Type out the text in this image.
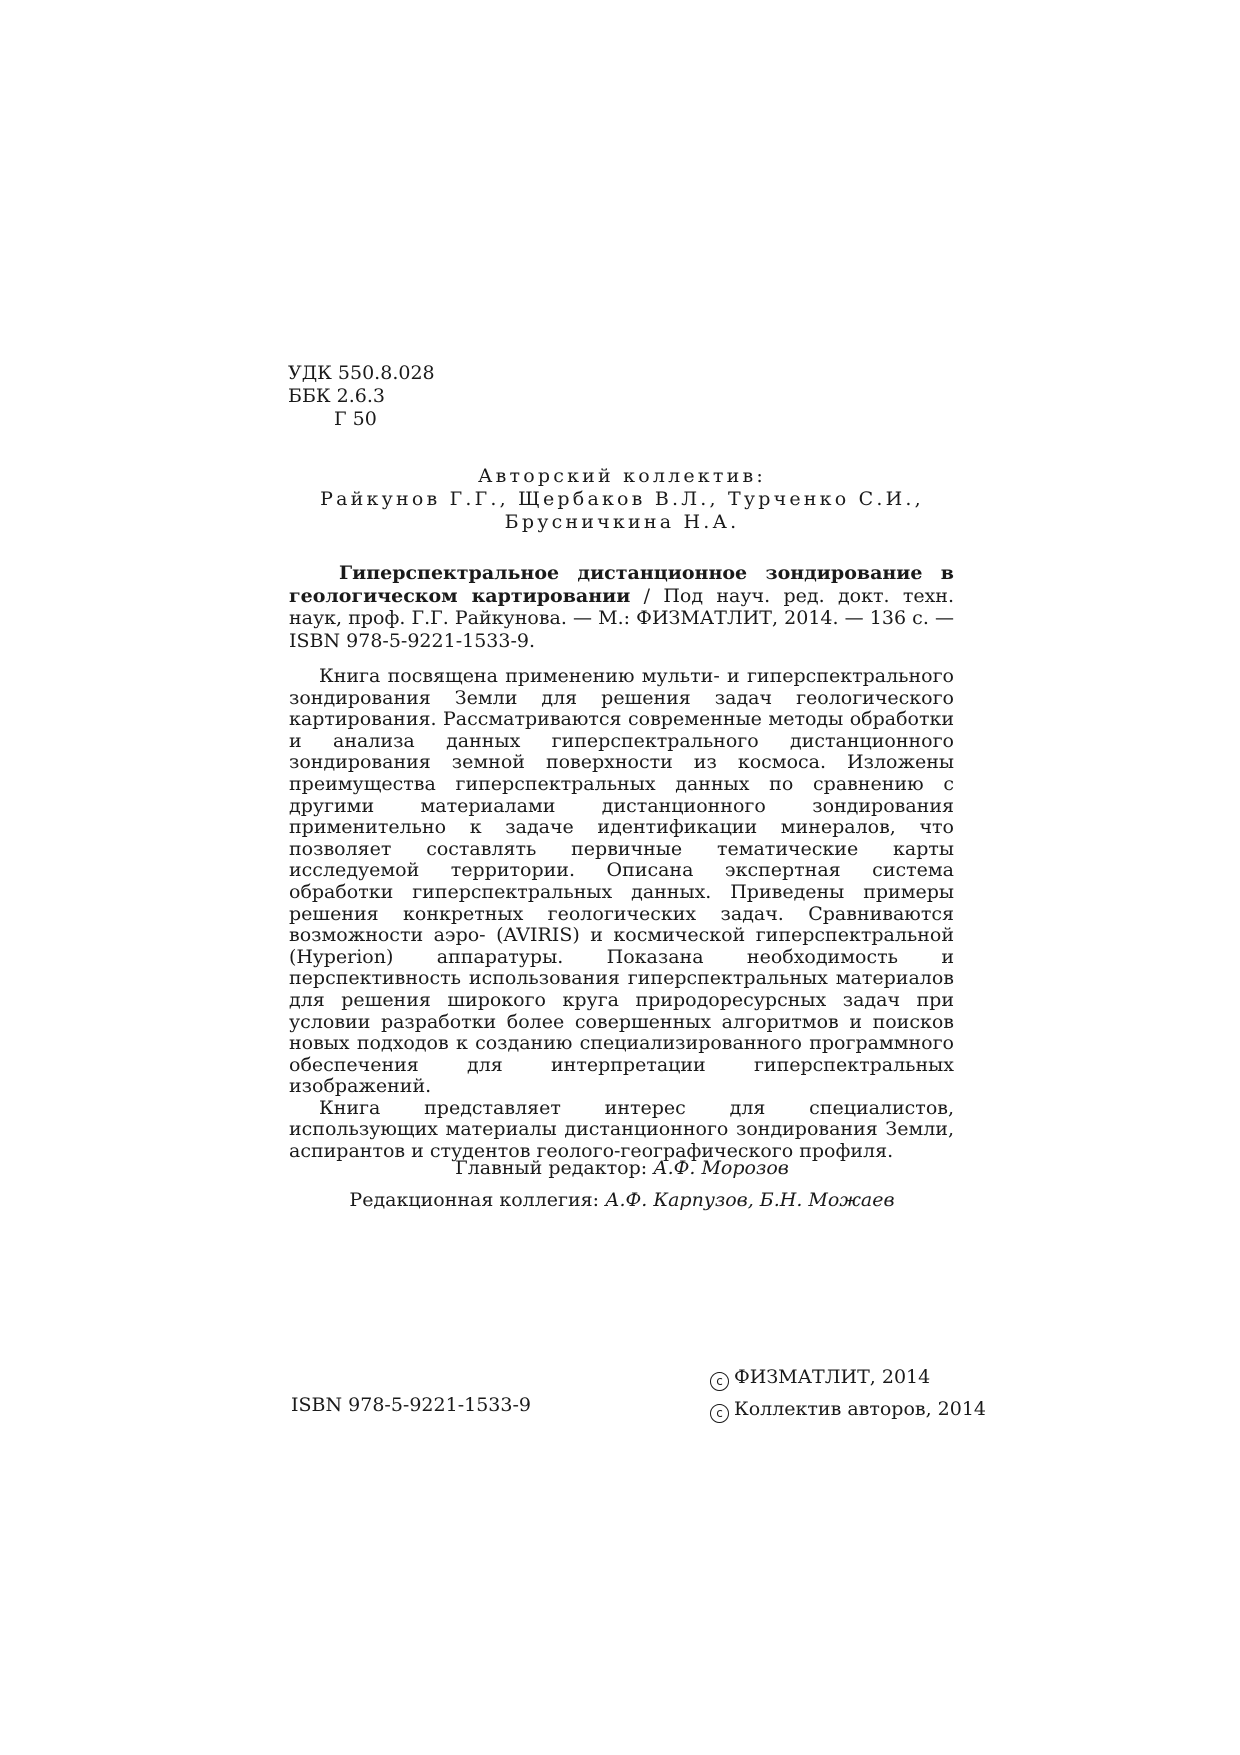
УДК 550.8.028
ББК 2.6.3
Г 50
Авторский коллектив:
Райкунов Г.Г., Щербаков В.Л., Турченко С.И.,
Брусничкина Н.А.
Гиперспектральное дистанционное зондирование в геологическом картировании / Под науч. ред. докт. техн. наук, проф. Г.Г. Райкунова. — М.: ФИЗМАТЛИТ, 2014. — 136 с. — ISBN 978-5-9221-1533-9.

Книга посвящена применению мульти- и гиперспектрального зондирования Земли для решения задач геологического картирования. Рассматриваются современные методы обработки и анализа данных гиперспектрального дистанционного зондирования земной поверхности из космоса. Изложены преимущества гиперспектральных данных по сравнению с другими материалами дистанционного зондирования применительно к задаче идентификации минералов, что позволяет составлять первичные тематические карты исследуемой территории. Описана экспертная система обработки гиперспектральных данных. Приведены примеры решения конкретных геологических задач. Сравниваются возможности аэро- (AVIRIS) и космической гиперспектральной (Hyperion) аппаратуры. Показана необходимость и перспективность использования гиперспектральных материалов для решения широкого круга природоресурсных задач при условии разработки более совершенных алгоритмов и поисков новых подходов к созданию специализированного программного обеспечения для интерпретации гиперспектральных изображений.

Книга представляет интерес для специалистов, использующих материалы дистанционного зондирования Земли, аспирантов и студентов геолого-географического профиля.

Главный редактор: А.Ф. Морозов
Редакционная коллегия: А.Ф. Карпузов, Б.Н. Можаев
ISBN 978-5-9221-1533-9
c ФИЗМАТЛИТ, 2014
c Коллектив авторов, 2014
